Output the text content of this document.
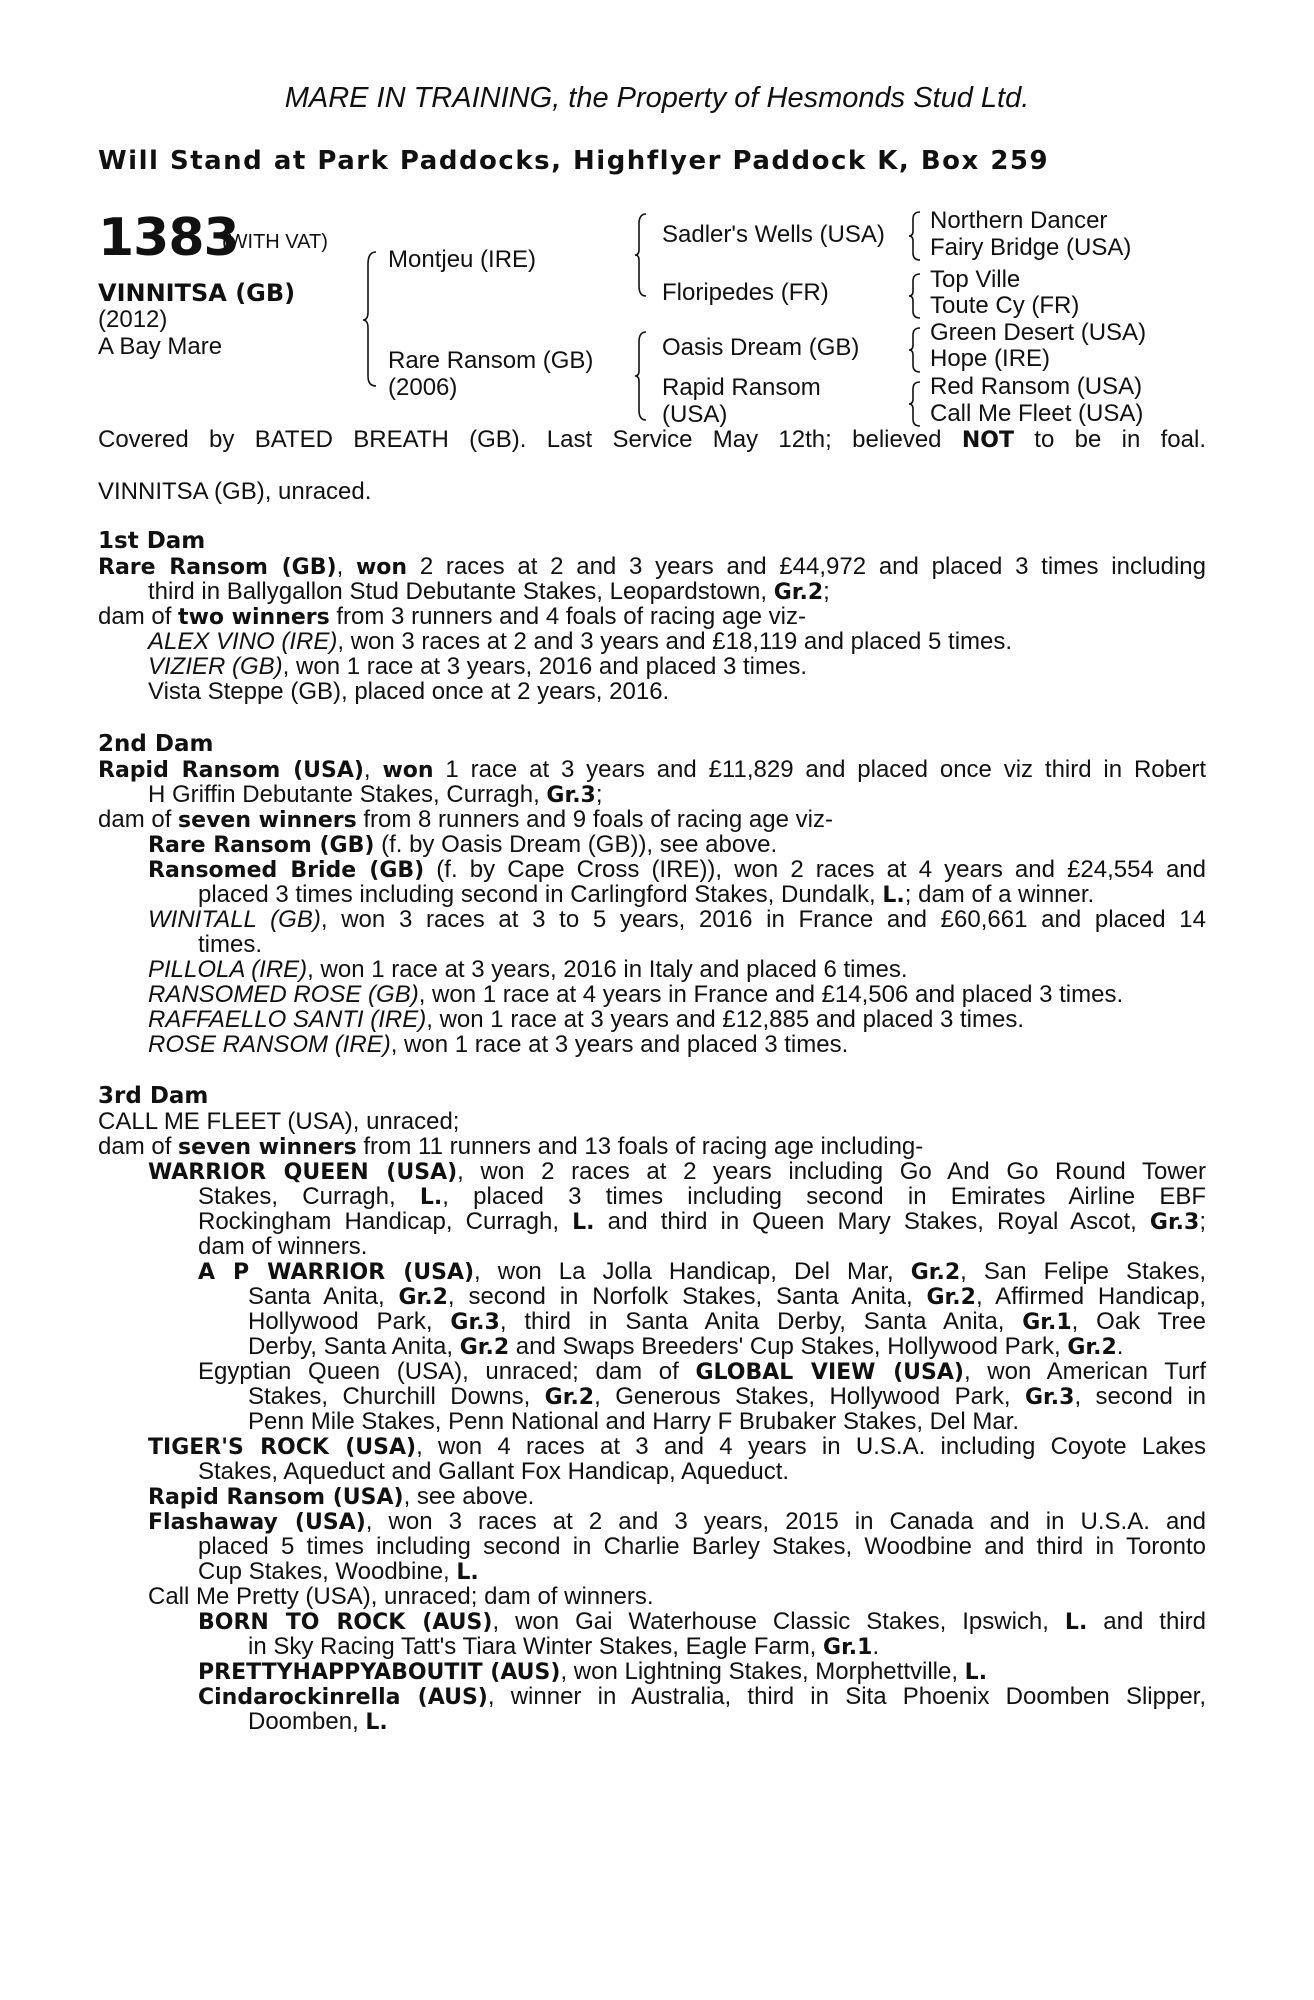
MARE IN TRAINING, the Property of Hesmonds Stud Ltd.
Will Stand at Park Paddocks, Highflyer Paddock K, Box 259
1383
(WITH VAT)
VINNITSA (GB)
(2012)
A Bay Mare
Montjeu (IRE)
Rare Ransom (GB)
(2006)
Sadler's Wells (USA)
Floripedes (FR)
Oasis Dream (GB)
Rapid Ransom
(USA)
Northern Dancer
Fairy Bridge (USA)
Top Ville
Toute Cy (FR)
Green Desert (USA)
Hope (IRE)
Red Ransom (USA)
Call Me Fleet (USA)
Covered by BATED BREATH (GB). Last Service May 12th; believed NOT to be in foal.
VINNITSA (GB), unraced.
1st Dam
Rare Ransom (GB), won 2 races at 2 and 3 years and £44,972 and placed 3 times including
third in Ballygallon Stud Debutante Stakes, Leopardstown, Gr.2;
dam of two winners from 3 runners and 4 foals of racing age viz-
ALEX VINO (IRE), won 3 races at 2 and 3 years and £18,119 and placed 5 times.
VIZIER (GB), won 1 race at 3 years, 2016 and placed 3 times.
Vista Steppe (GB), placed once at 2 years, 2016.
2nd Dam
Rapid Ransom (USA), won 1 race at 3 years and £11,829 and placed once viz third in Robert
H Griffin Debutante Stakes, Curragh, Gr.3;
dam of seven winners from 8 runners and 9 foals of racing age viz-
Rare Ransom (GB) (f. by Oasis Dream (GB)), see above.
Ransomed Bride (GB) (f. by Cape Cross (IRE)), won 2 races at 4 years and £24,554 and
placed 3 times including second in Carlingford Stakes, Dundalk, L.; dam of a winner.
WINITALL (GB), won 3 races at 3 to 5 years, 2016 in France and £60,661 and placed 14
times.
PILLOLA (IRE), won 1 race at 3 years, 2016 in Italy and placed 6 times.
RANSOMED ROSE (GB), won 1 race at 4 years in France and £14,506 and placed 3 times.
RAFFAELLO SANTI (IRE), won 1 race at 3 years and £12,885 and placed 3 times.
ROSE RANSOM (IRE), won 1 race at 3 years and placed 3 times.
3rd Dam
CALL ME FLEET (USA), unraced;
dam of seven winners from 11 runners and 13 foals of racing age including-
WARRIOR QUEEN (USA), won 2 races at 2 years including Go And Go Round Tower
Stakes, Curragh, L., placed 3 times including second in Emirates Airline EBF
Rockingham Handicap, Curragh, L. and third in Queen Mary Stakes, Royal Ascot, Gr.3;
dam of winners.
A P WARRIOR (USA), won La Jolla Handicap, Del Mar, Gr.2, San Felipe Stakes,
Santa Anita, Gr.2, second in Norfolk Stakes, Santa Anita, Gr.2, Affirmed Handicap,
Hollywood Park, Gr.3, third in Santa Anita Derby, Santa Anita, Gr.1, Oak Tree
Derby, Santa Anita, Gr.2 and Swaps Breeders' Cup Stakes, Hollywood Park, Gr.2.
Egyptian Queen (USA), unraced; dam of GLOBAL VIEW (USA), won American Turf
Stakes, Churchill Downs, Gr.2, Generous Stakes, Hollywood Park, Gr.3, second in
Penn Mile Stakes, Penn National and Harry F Brubaker Stakes, Del Mar.
TIGER'S ROCK (USA), won 4 races at 3 and 4 years in U.S.A. including Coyote Lakes
Stakes, Aqueduct and Gallant Fox Handicap, Aqueduct.
Rapid Ransom (USA), see above.
Flashaway (USA), won 3 races at 2 and 3 years, 2015 in Canada and in U.S.A. and
placed 5 times including second in Charlie Barley Stakes, Woodbine and third in Toronto
Cup Stakes, Woodbine, L.
Call Me Pretty (USA), unraced; dam of winners.
BORN TO ROCK (AUS), won Gai Waterhouse Classic Stakes, Ipswich, L. and third
in Sky Racing Tatt's Tiara Winter Stakes, Eagle Farm, Gr.1.
PRETTYHAPPYABOUTIT (AUS), won Lightning Stakes, Morphettville, L.
Cindarockinrella (AUS), winner in Australia, third in Sita Phoenix Doomben Slipper,
Doomben, L.
